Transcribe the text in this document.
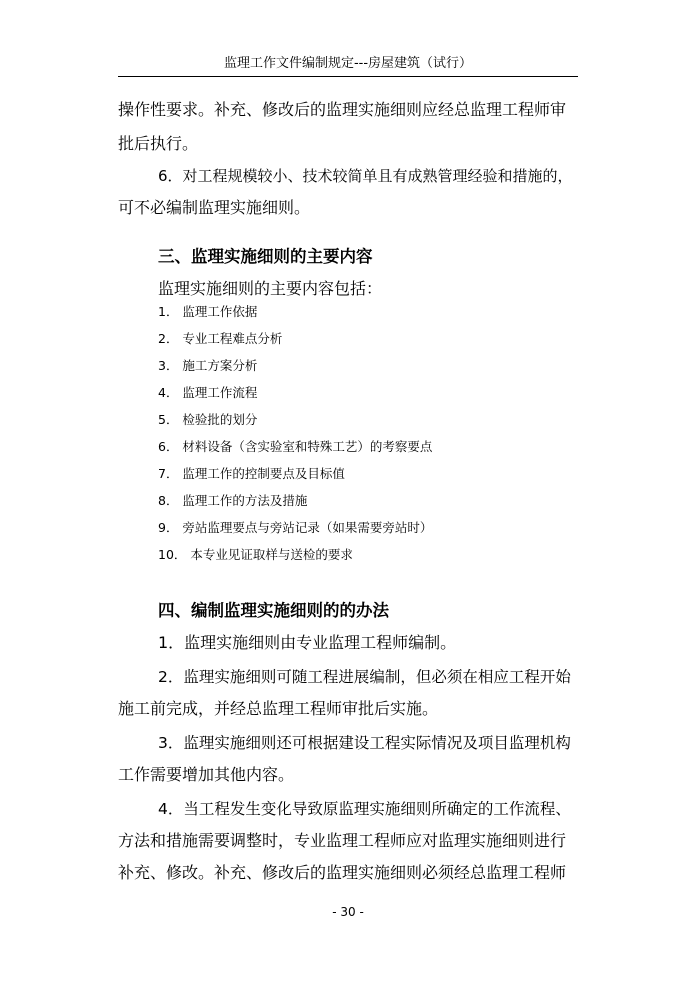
监理工作文件编制规定---房屋建筑（试行）
操作性要求。补充、修改后的监理实施细则应经总监理工程师审
批后执行。
6．对工程规模较小、技术较简单且有成熟管理经验和措施的，
可不必编制监理实施细则。
三、监理实施细则的主要内容
监理实施细则的主要内容包括：
1． 监理工作依据
2． 专业工程难点分析
3． 施工方案分析
4． 监理工作流程
5． 检验批的划分
6． 材料设备（含实验室和特殊工艺）的考察要点
7． 监理工作的控制要点及目标值
8． 监理工作的方法及措施
9． 旁站监理要点与旁站记录（如果需要旁站时）
10． 本专业见证取样与送检的要求
四、编制监理实施细则的的办法
1．监理实施细则由专业监理工程师编制。
2．监理实施细则可随工程进展编制，但必须在相应工程开始
施工前完成，并经总监理工程师审批后实施。
3．监理实施细则还可根据建设工程实际情况及项目监理机构
工作需要增加其他内容。
4．当工程发生变化导致原监理实施细则所确定的工作流程、
方法和措施需要调整时，专业监理工程师应对监理实施细则进行
补充、修改。补充、修改后的监理实施细则必须经总监理工程师
- 30 -
